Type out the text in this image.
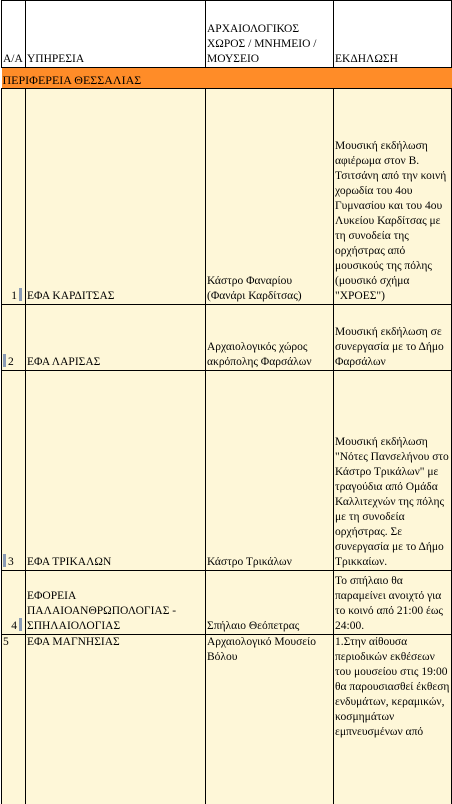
Α/Α	ΥΠΗΡΕΣΙΑ	ΑΡΧΑΙΟΛΟΓΙΚΟΣ ΧΩΡΟΣ / ΜΝΗΜΕΙΟ / ΜΟΥΣΕΙΟ	ΕΚΔΗΛΩΣΗ
ΠΕΡΙΦΕΡΕΙΑ ΘΕΣΣΑΛΙΑΣ			
1	ΕΦΑ ΚΑΡΔΙΤΣΑΣ	Κάστρο Φαναρίου (Φανάρι Καρδίτσας)	Μουσική εκδήλωση αφιέρωμα στον Β. Τσιτσάνη από την κοινή χορωδία του 4ου Γυμνασίου και του 4ου Λυκείου Καρδίτσας με τη συνοδεία της ορχήστρας από μουσικούς της πόλης (μουσικό σχήμα "ΧΡΟΕΣ")
2	ΕΦΑ ΛΑΡΙΣΑΣ	Αρχαιολογικός χώρος ακρόπολης Φαρσάλων	Μουσική εκδήλωση σε συνεργασία με το Δήμο Φαρσάλων
3	ΕΦΑ ΤΡΙΚΑΛΩΝ	Κάστρο Τρικάλων	Μουσική εκδήλωση "Νότες Πανσελήνου στο Κάστρο Τρικάλων" με τραγούδια από Ομάδα Καλλιτεχνών της πόλης με τη συνοδεία ορχήστρας. Σε συνεργασία με το Δήμο Τρικκαίων.
4	ΕΦΟΡΕΙΑ ΠΑΛΑΙΟΑΝΘΡΩΠΟΛΟΓΙΑΣ - ΣΠΗΛΑΙΟΛΟΓΙΑΣ	Σπήλαιο Θεόπετρας	Το σπήλαιο θα παραμείνει ανοιχτό για το κοινό από 21:00 έως 24:00.
5	ΕΦΑ ΜΑΓΝΗΣΙΑΣ	Αρχαιολογικό Μουσείο Βόλου	1.Στην αίθουσα περιοδικών εκθέσεων του μουσείου στις 19:00 θα παρουσιασθεί έκθεση ενδυμάτων, κεραμικών, κοσμημάτων εμπνευσμένων από
